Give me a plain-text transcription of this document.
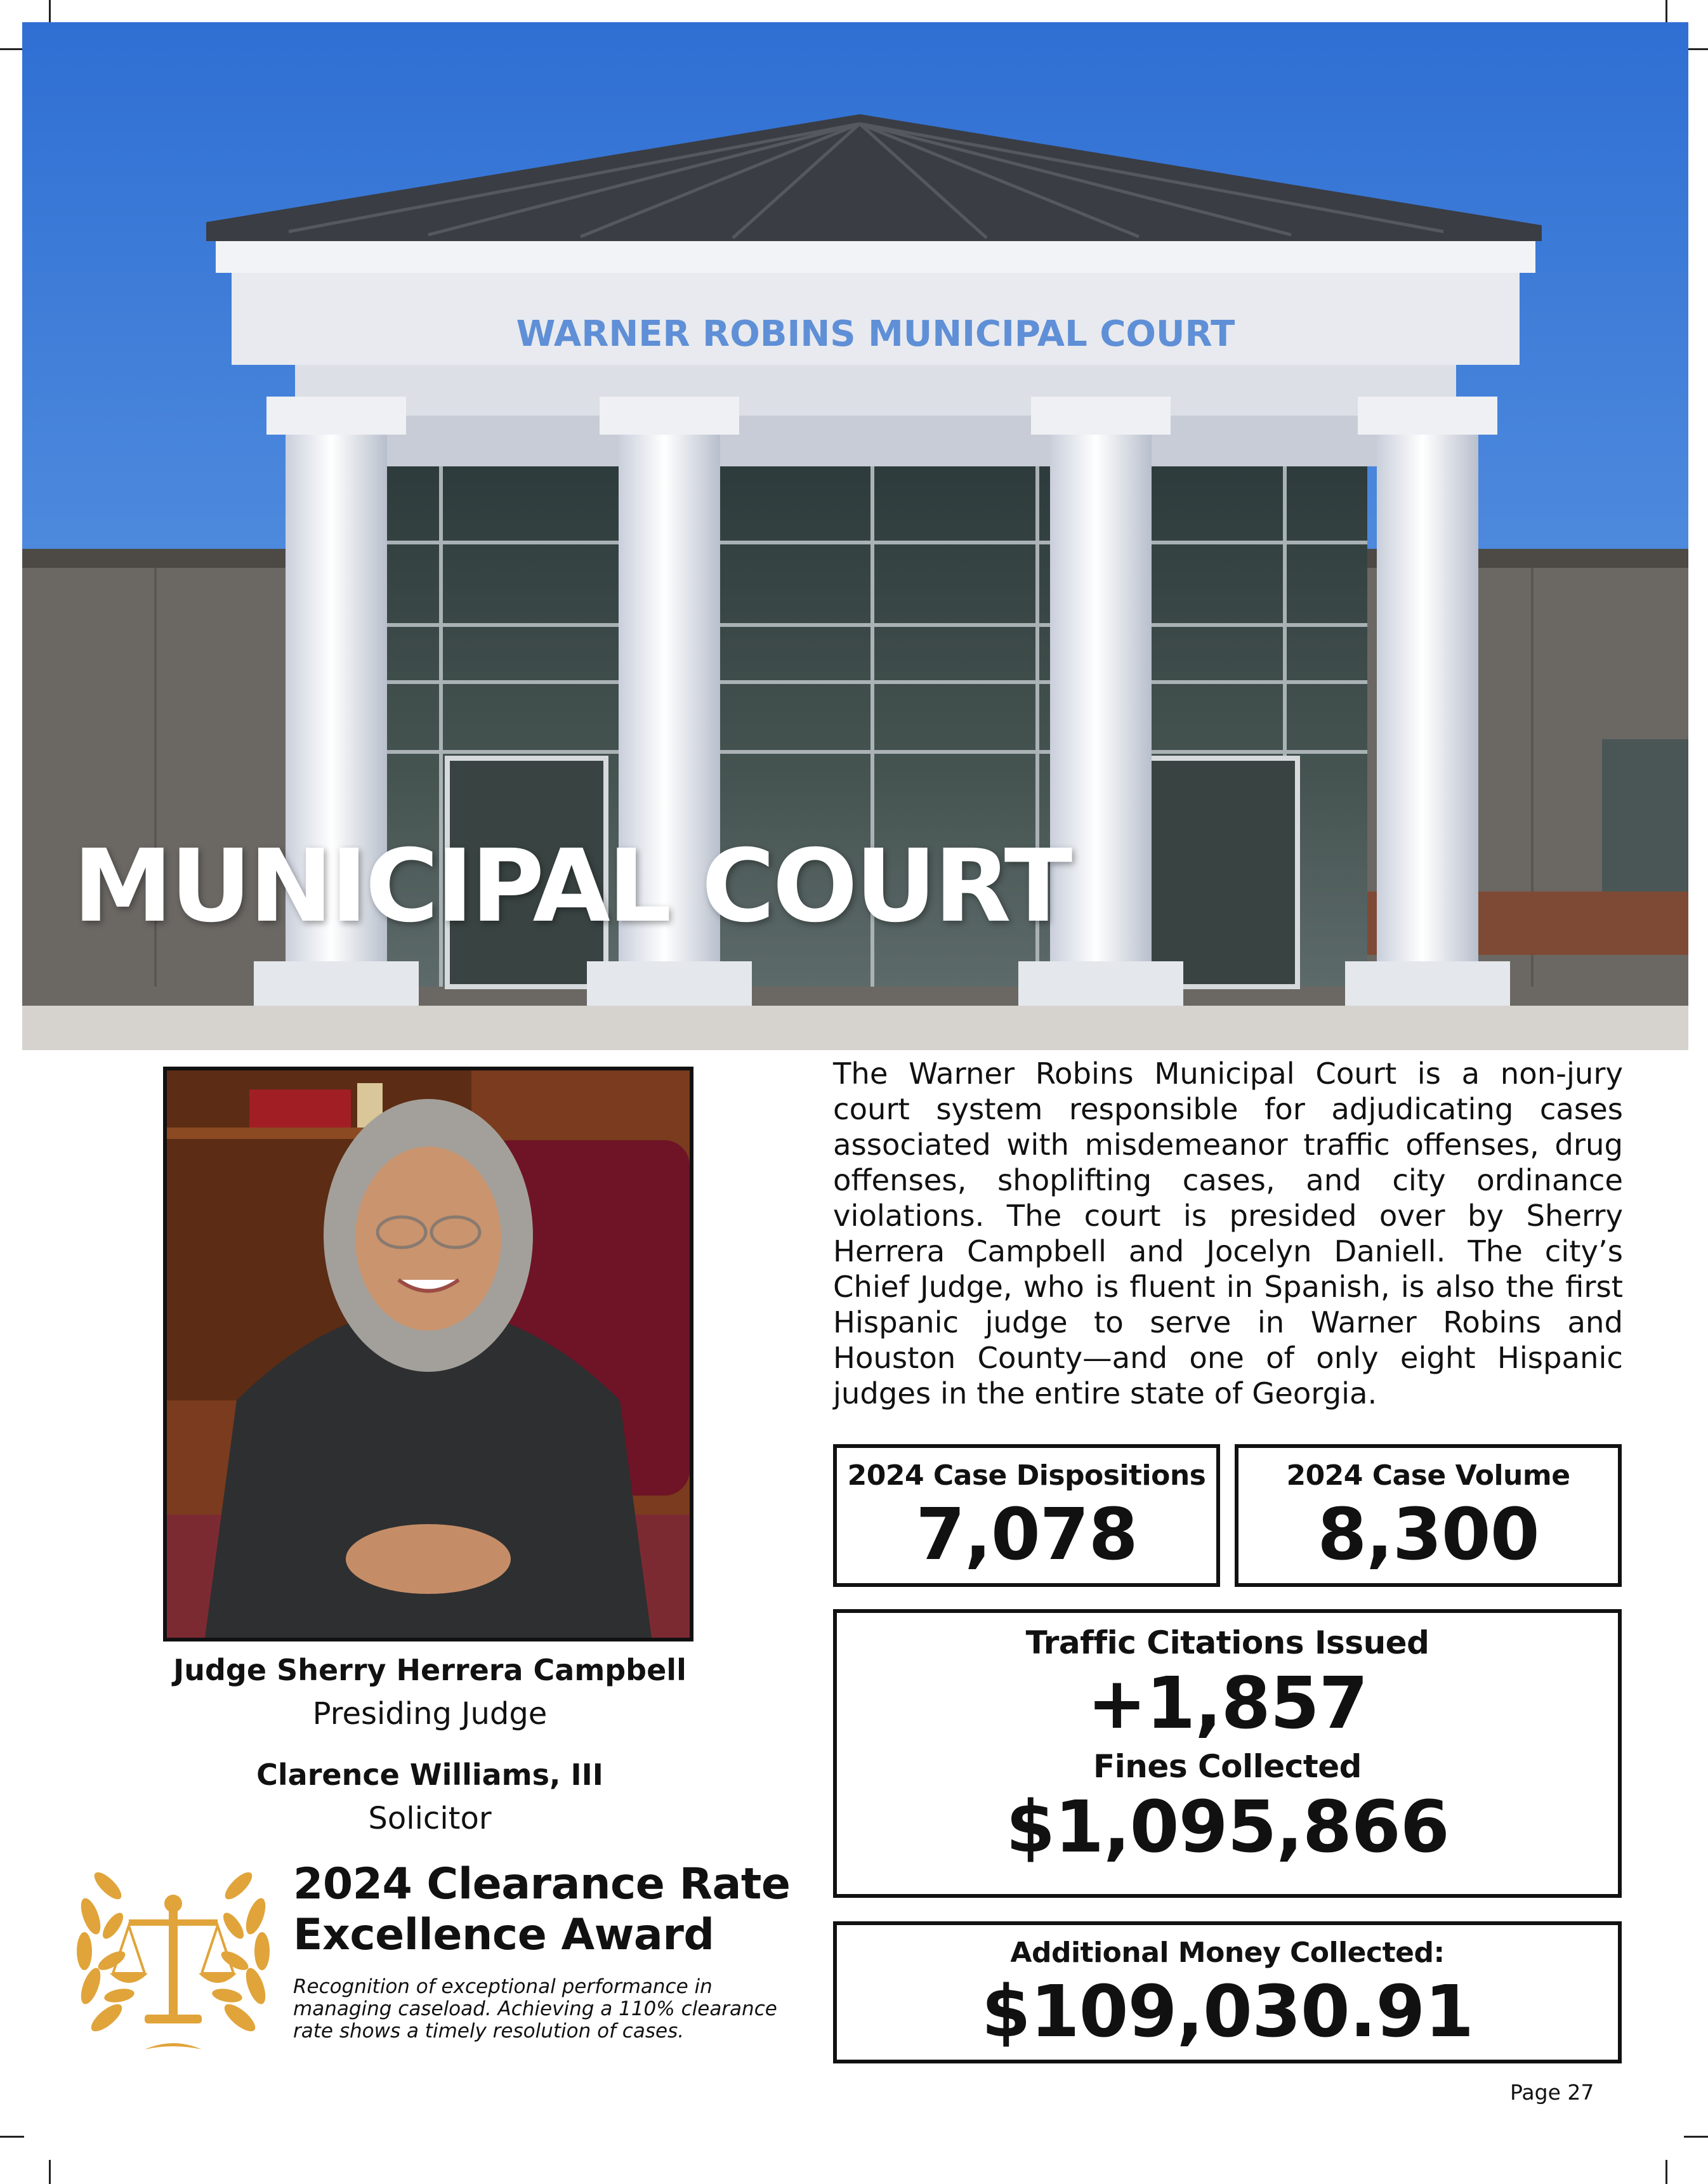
WARNER ROBINS MUNICIPAL COURT
MUNICIPAL COURT
Judge Sherry Herrera Campbell
Presiding Judge
Clarence Williams, III
Solicitor

The Warner Robins Municipal Court is a non-jury court system responsible for adjudicating cases associated with misdemeanor traffic offenses, drug offenses, shoplifting cases, and city ordinance violations. The court is presided over by Sherry Herrera Campbell and Jocelyn Daniell. The city’s Chief Judge, who is fluent in Spanish, is also the first Hispanic judge to serve in Warner Robins and Houston County—and one of only eight Hispanic judges in the entire state of Georgia.

2024 Case Dispositions
7,078
2024 Case Volume
8,300
Traffic Citations Issued
+1,857
Fines Collected
$1,095,866
Additional Money Collected:
$109,030.91
2024 Clearance Rate
Excellence Award

Recognition of exceptional performance in managing caseload. Achieving a 110% clearance rate shows a timely resolution of cases.

Page 27
